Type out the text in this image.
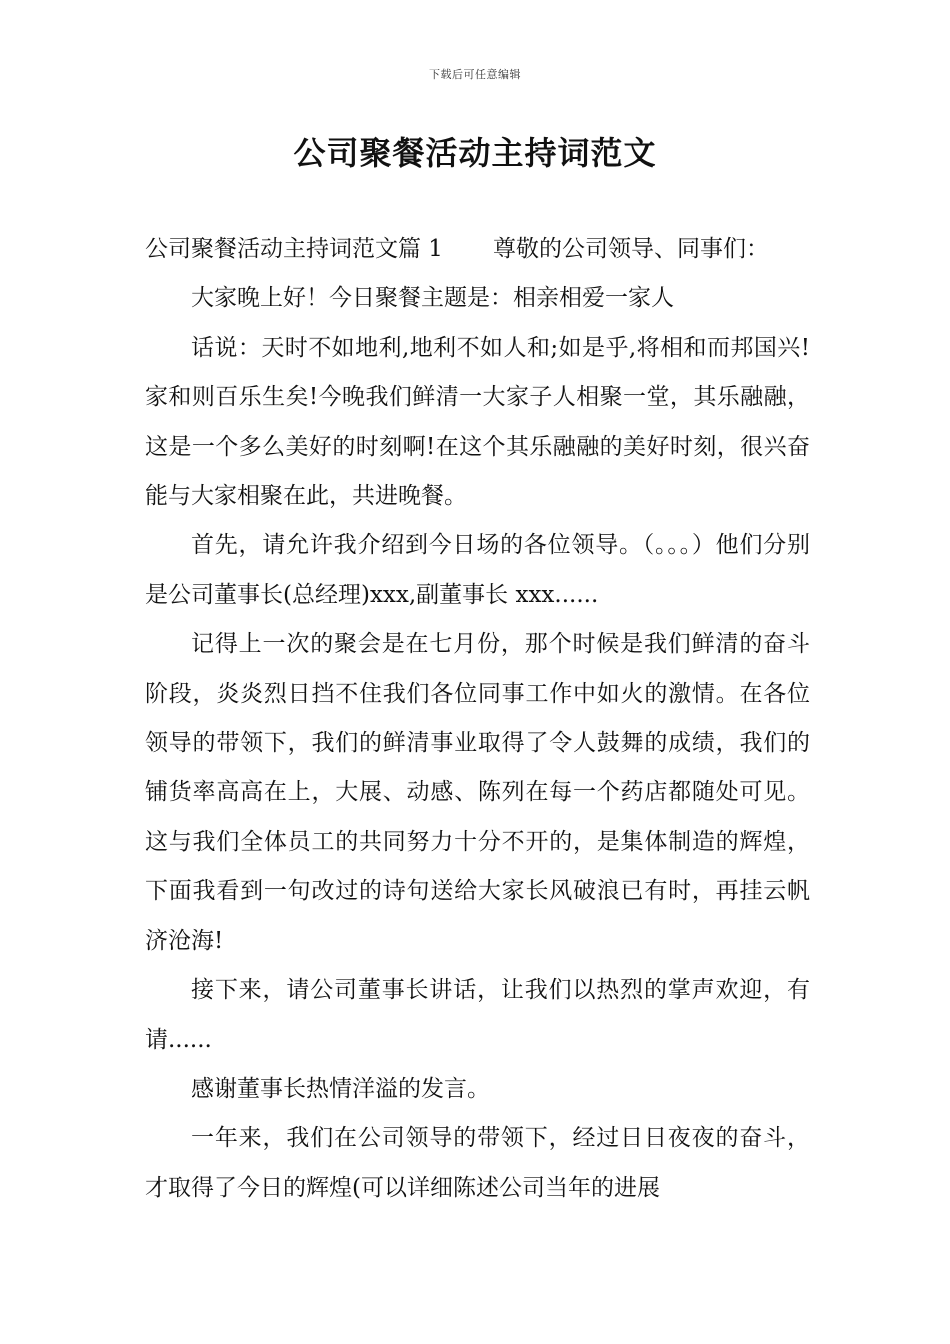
下载后可任意编辑
公司聚餐活动主持词范文

公司聚餐活动主持词范文篇 1 尊敬的公司领导、同事们：

大家晚上好！今日聚餐主题是：相亲相爱一家人

话说：天时不如地利,地利不如人和;如是乎,将相和而邦国兴!家和则百乐生矣!今晚我们鲜清一大家子人相聚一堂，其乐融融，这是一个多么美好的时刻啊!在这个其乐融融的美好时刻，很兴奋能与大家相聚在此，共进晚餐。

首先，请允许我介绍到今日场的各位领导。（。。。）他们分别是公司董事长(总经理)xxx,副董事长 xxx......

记得上一次的聚会是在七月份，那个时候是我们鲜清的奋斗阶段，炎炎烈日挡不住我们各位同事工作中如火的激情。在各位领导的带领下，我们的鲜清事业取得了令人鼓舞的成绩，我们的铺货率高高在上，大展、动感、陈列在每一个药店都随处可见。这与我们全体员工的共同努力十分不开的，是集体制造的辉煌，下面我看到一句改过的诗句送给大家长风破浪已有时，再挂云帆济沧海!

接下来，请公司董事长讲话，让我们以热烈的掌声欢迎，有请......

感谢董事长热情洋溢的发言。

一年来，我们在公司领导的带领下，经过日日夜夜的奋斗，才取得了今日的辉煌(可以详细陈述公司当年的进展
